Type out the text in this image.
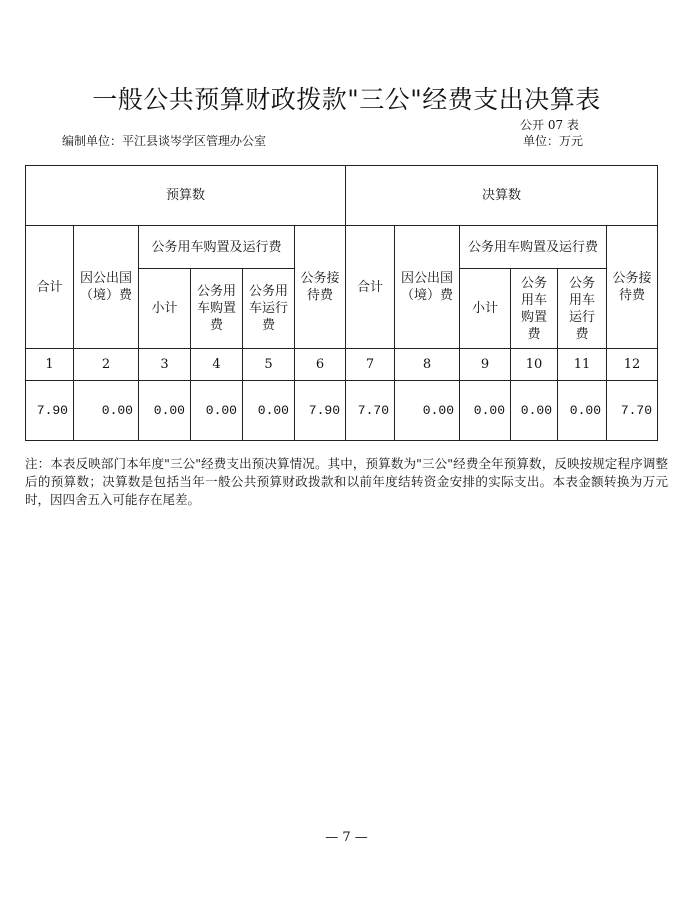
一般公共预算财政拨款"三公"经费支出决算表
公开 07 表
编制单位：平江县谈岑学区管理办公室	单位：万元
预算数						决算数					
合计	因公出国（境）费	公务用车购置及运行费			公务接待费	合计	因公出国（境）费	公务用车购置及运行费			公务接待费
		小计	公务用车购置费	公务用车运行费				小计	公务用车购置费	公务用车运行费	
1	2	3	4	5	6	7	8	9	10	11	12
7.90	0.00	0.00	0.00	0.00	7.90	7.70	0.00	0.00	0.00	0.00	7.70
注：本表反映部门本年度"三公"经费支出预决算情况。其中，预算数为"三公"经费全年预算数，反映按规定程序调整后的预算数；决算数是包括当年一般公共预算财政拨款和以前年度结转资金安排的实际支出。本表金额转换为万元时，因四舍五入可能存在尾差。
— 7 —
